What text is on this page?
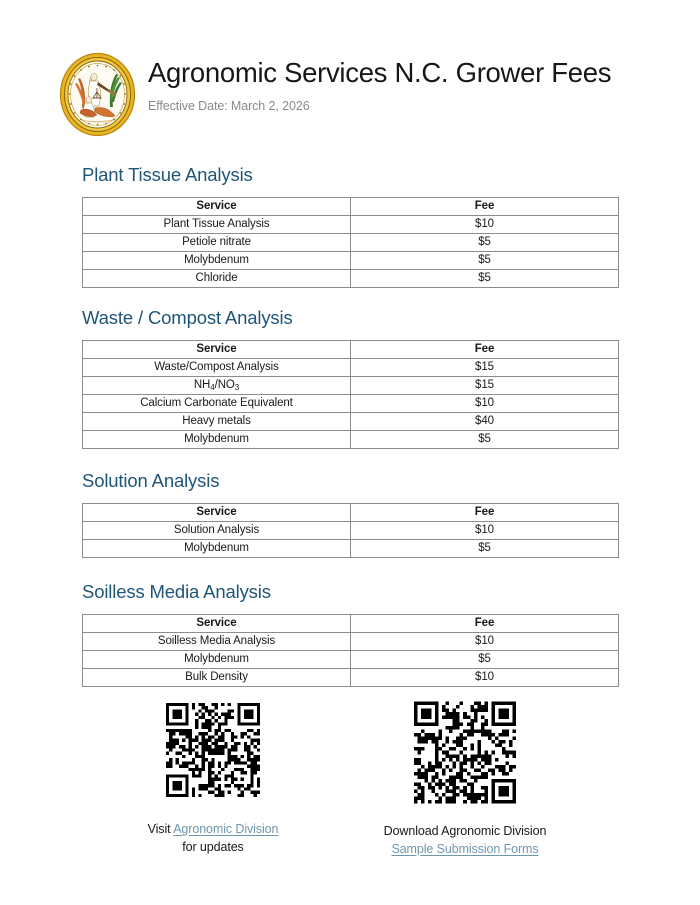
Agronomic Services N.C. Grower Fees
Effective Date: March 2, 2026
Plant Tissue Analysis
Service	Fee
Plant Tissue Analysis	$10
Petiole nitrate	$5
Molybdenum	$5
Chloride	$5
Waste / Compost Analysis
Service	Fee
Waste/Compost Analysis	$15
$NH_4/NO_3$	$15
Calcium Carbonate Equivalent	$10
Heavy metals	$40
Molybdenum	$5
Solution Analysis
Service	Fee
Solution Analysis	$10
Molybdenum	$5
Soilless Media Analysis
Service	Fee
Soilless Media Analysis	$10
Molybdenum	$5
Bulk Density	$10
Visit Agronomic Division
for updates
Download Agronomic Division
Sample Submission Forms
